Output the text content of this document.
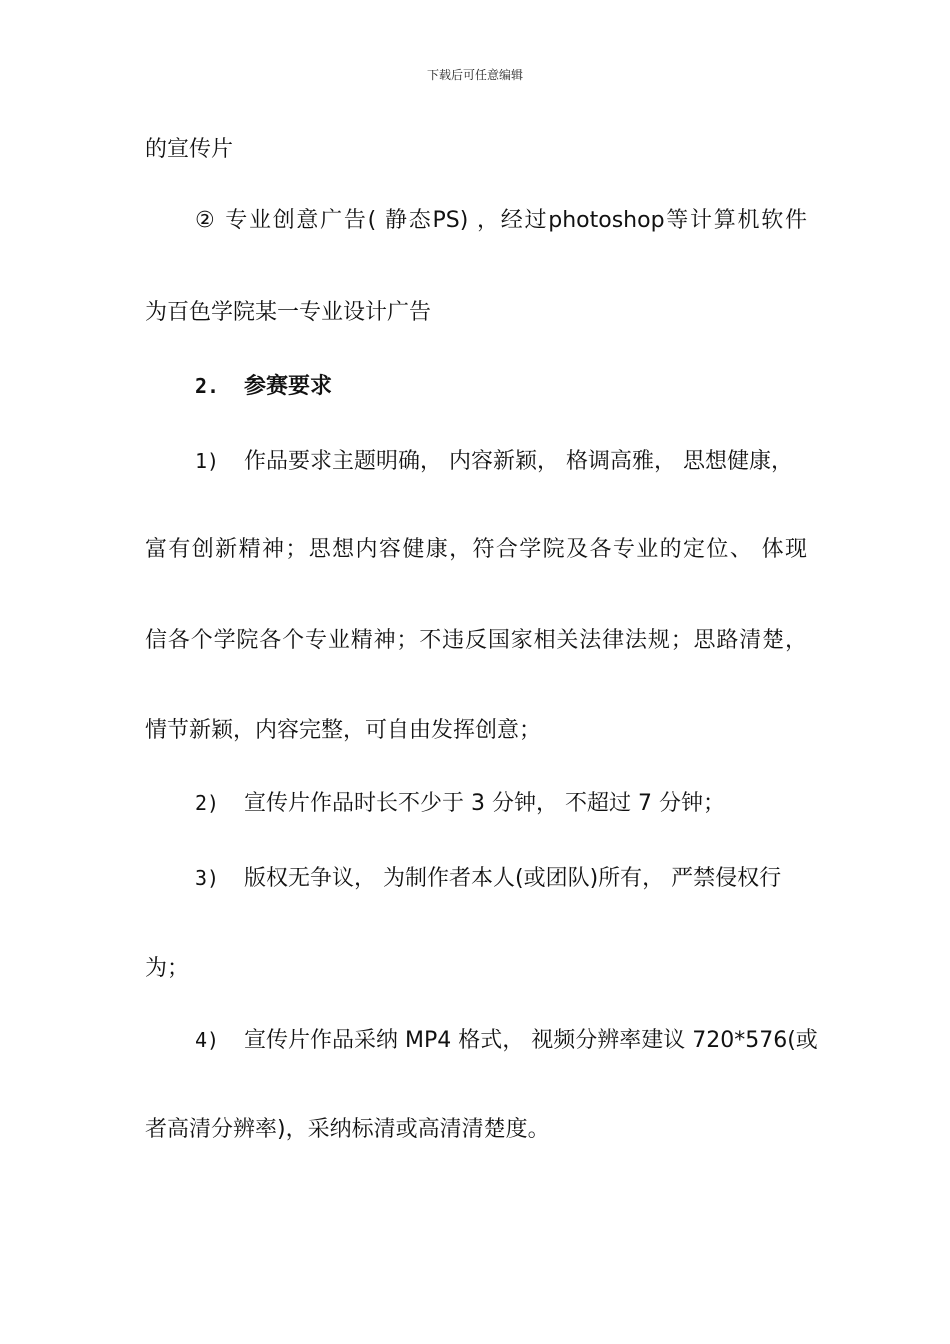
下载后可任意编辑
的宣传片
② 专业创意广告( 静态PS) ，经过photoshop等计算机软件
为百色学院某一专业设计广告
2. 参赛要求
1) 作品要求主题明确， 内容新颖， 格调高雅， 思想健康，
富有创新精神；思想内容健康，符合学院及各专业的定位、 体现
信各个学院各个专业精神；不违反国家相关法律法规；思路清楚，
情节新颖，内容完整，可自由发挥创意；
2) 宣传片作品时长不少于 3 分钟， 不超过 7 分钟；
3) 版权无争议， 为制作者本人(或团队)所有， 严禁侵权行
为；
4) 宣传片作品采纳 MP4 格式， 视频分辨率建议 720*576(或
者高清分辨率)，采纳标清或高清清楚度。
